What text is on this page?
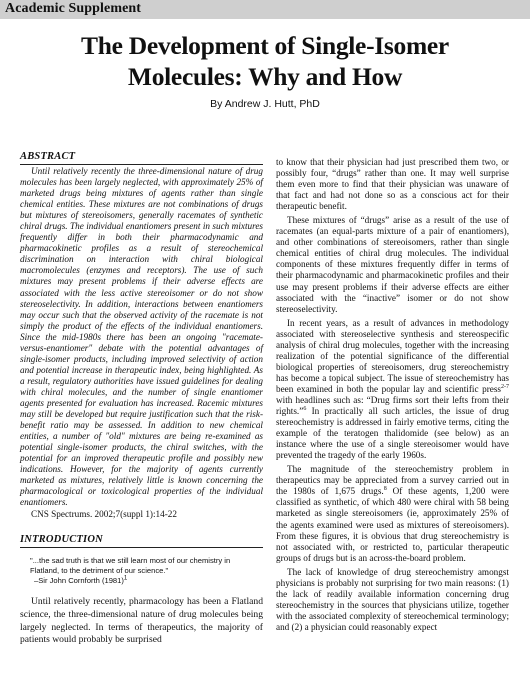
Academic Supplement
The Development of Single-Isomer
Molecules: Why and How
By Andrew J. Hutt, PhD
ABSTRACT

Until relatively recently the three-dimensional nature of drug molecules has been largely neglected, with approximately 25% of marketed drugs being mixtures of agents rather than single chemical entities. These mixtures are not combinations of drugs but mixtures of stereoisomers, generally racemates of synthetic chiral drugs. The individual enantiomers present in such mixtures frequently differ in both their pharmacodynamic and pharmacokinetic profiles as a result of stereochemical discrimination on interaction with chiral biological macromolecules (enzymes and receptors). The use of such mixtures may present problems if their adverse effects are associated with the less active stereoisomer or do not show stereoselectivity. In addition, interactions between enantiomers may occur such that the observed activity of the racemate is not simply the product of the effects of the individual enantiomers. Since the mid-1980s there has been an ongoing "racemate-versus-enantiomer" debate with the potential advantages of single-isomer products, including improved selectivity of action and potential increase in therapeutic index, being highlighted. As a result, regulatory authorities have issued guidelines for dealing with chiral molecules, and the number of single enantiomer agents presented for evaluation has increased. Racemic mixtures may still be developed but require justification such that the risk-benefit ratio may be assessed. In addition to new chemical entities, a number of "old" mixtures are being re-examined as potential single-isomer products, the chiral switches, with the potential for an improved therapeutic profile and possibly new indications. However, for the majority of agents currently marketed as mixtures, relatively little is known concerning the pharmacological or toxicological properties of the individual enantiomers.

CNS Spectrums. 2002;7(suppl 1):14-22

INTRODUCTION
"...the sad truth is that we still learn most of our chemistry in Flatland, to the detriment of our science."
–Sir John Cornforth $(1981)^1$

Until relatively recently, pharmacology has been a Flatland science, the three-dimensional nature of drug molecules being largely neglected. In terms of therapeutics, the majority of patients would probably be surprised

to know that their physician had just prescribed them two, or possibly four, “drugs” rather than one. It may well surprise them even more to find that their physician was unaware of that fact and had not done so as a conscious act for their therapeutic benefit.

These mixtures of “drugs” arise as a result of the use of racemates (an equal-parts mixture of a pair of enantiomers), and other combinations of stereoisomers, rather than single chemical entities of chiral drug molecules. The individual components of these mixtures frequently differ in terms of their pharmacodynamic and pharmacokinetic profiles and their use may present problems if their adverse effects are either associated with the “inactive” isomer or do not show stereoselectivity.

In recent years, as a result of advances in methodology associated with stereoselective synthesis and stereospecific analysis of chiral drug molecules, together with the increasing realization of the potential significance of the differential biological properties of stereoisomers, drug stereochemistry has become a topical subject. The issue of stereochemistry has been examined in both the popular lay and scientific press$^{2-7}$ with headlines such as: “Drug firms sort their lefts from their rights.”$^6$ In practically all such articles, the issue of drug stereochemistry is addressed in fairly emotive terms, citing the example of the teratogen thalidomide (see below) as an instance where the use of a single stereoisomer would have prevented the tragedy of the early 1960s.

The magnitude of the stereochemistry problem in therapeutics may be appreciated from a survey carried out in the 1980s of 1,675 drugs.$^8$ Of these agents, 1,200 were classified as synthetic, of which 480 were chiral with 58 being marketed as single stereoisomers (ie, approximately 25% of the agents examined were used as mixtures of stereoisomers). From these figures, it is obvious that drug stereochemistry is not associated with, or restricted to, particular therapeutic groups of drugs but is an across-the-board problem.

The lack of knowledge of drug stereochemistry amongst physicians is probably not surprising for two main reasons: (1) the lack of readily available information concerning drug stereochemistry in the sources that physicians utilize, together with the associated complexity of stereochemical terminology; and (2) a physician could reasonably expect
